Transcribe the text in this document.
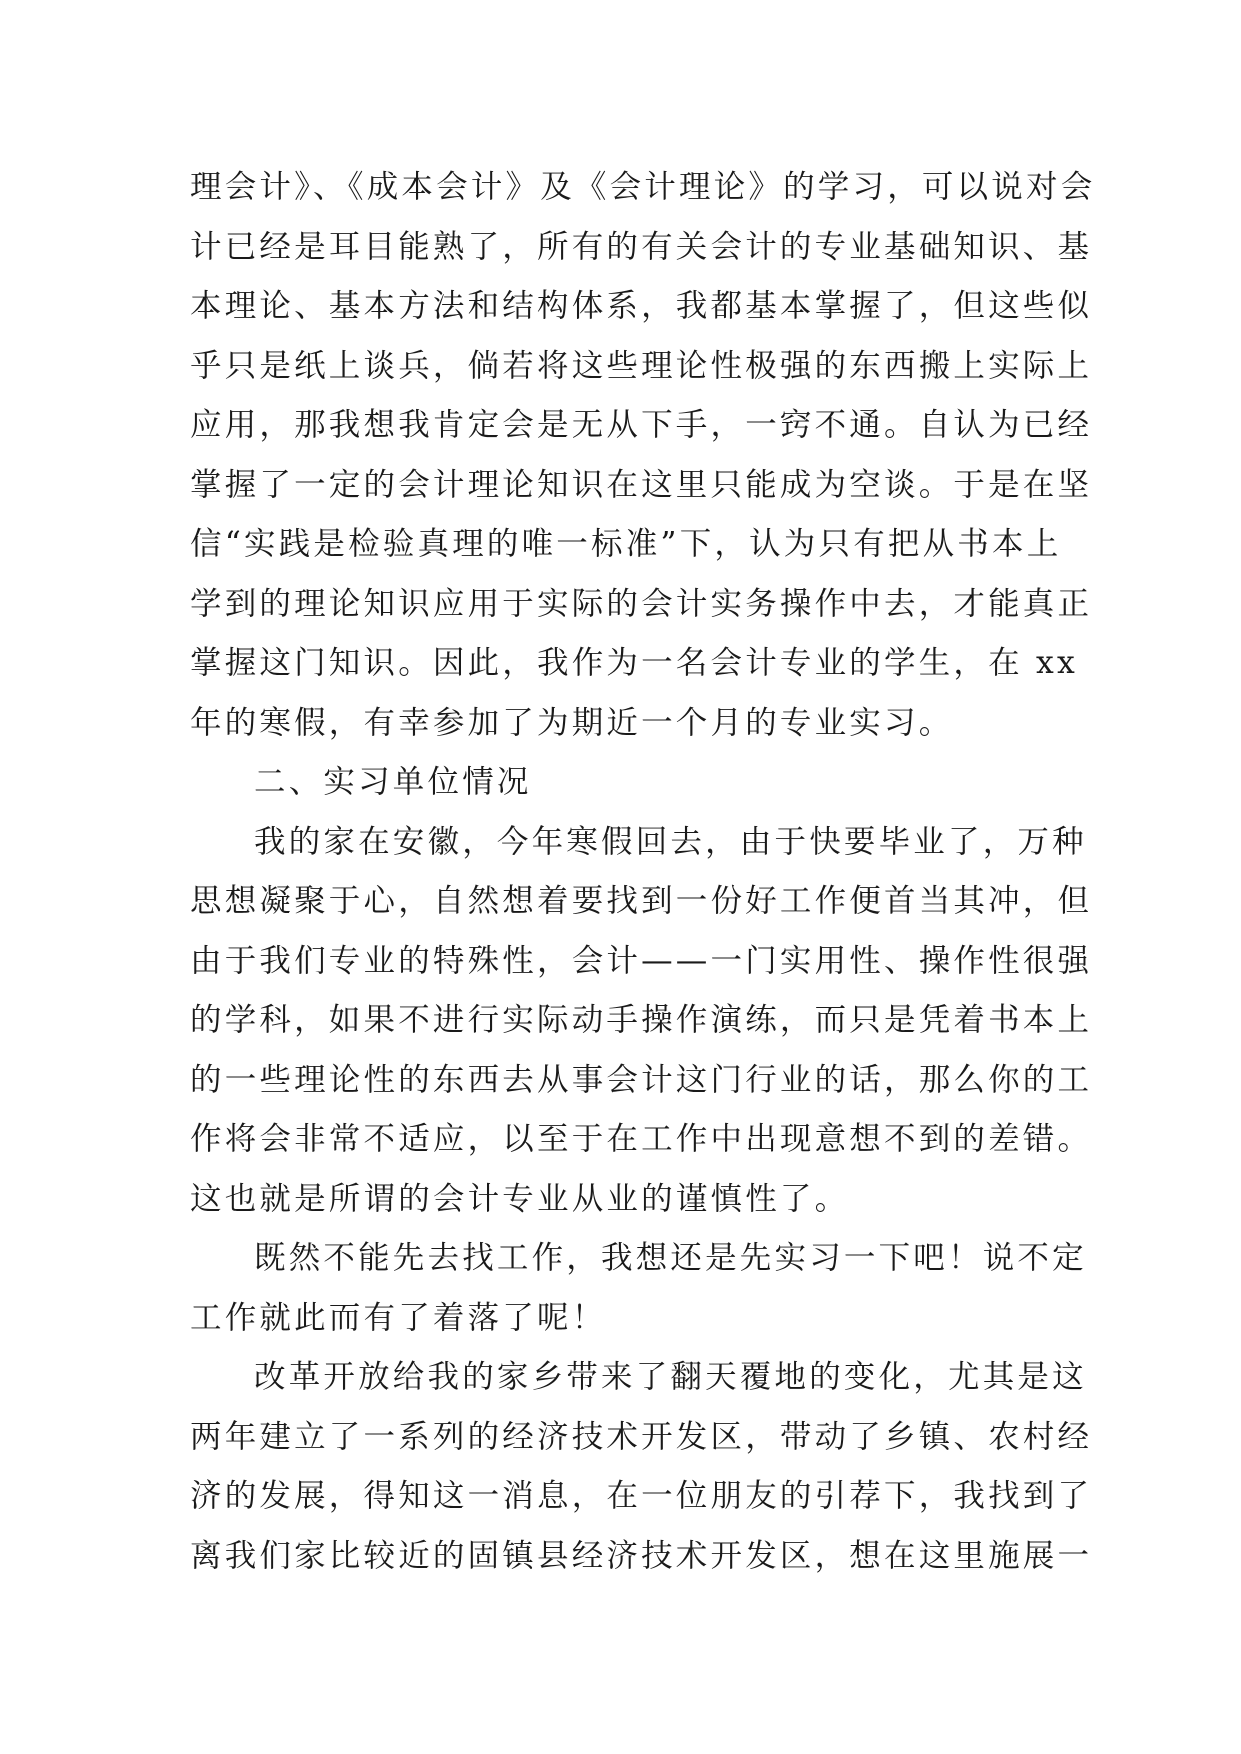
理会计》、《成本会计》及《会计理论》的学习，可以说对会
计已经是耳目能熟了，所有的有关会计的专业基础知识、基
本理论、基本方法和结构体系，我都基本掌握了，但这些似
乎只是纸上谈兵，倘若将这些理论性极强的东西搬上实际上
应用，那我想我肯定会是无从下手，一窍不通。自认为已经
掌握了一定的会计理论知识在这里只能成为空谈。于是在坚
信“实践是检验真理的唯一标准”下，认为只有把从书本上
学到的理论知识应用于实际的会计实务操作中去，才能真正
掌握这门知识。因此，我作为一名会计专业的学生，在 xx
年的寒假，有幸参加了为期近一个月的专业实习。
二、实习单位情况
我的家在安徽，今年寒假回去，由于快要毕业了，万种
思想凝聚于心，自然想着要找到一份好工作便首当其冲，但
由于我们专业的特殊性，会计——一门实用性、操作性很强
的学科，如果不进行实际动手操作演练，而只是凭着书本上
的一些理论性的东西去从事会计这门行业的话，那么你的工
作将会非常不适应，以至于在工作中出现意想不到的差错。
这也就是所谓的会计专业从业的谨慎性了。
既然不能先去找工作，我想还是先实习一下吧！说不定
工作就此而有了着落了呢！
改革开放给我的家乡带来了翻天覆地的变化，尤其是这
两年建立了一系列的经济技术开发区，带动了乡镇、农村经
济的发展，得知这一消息，在一位朋友的引荐下，我找到了
离我们家比较近的固镇县经济技术开发区，想在这里施展一
